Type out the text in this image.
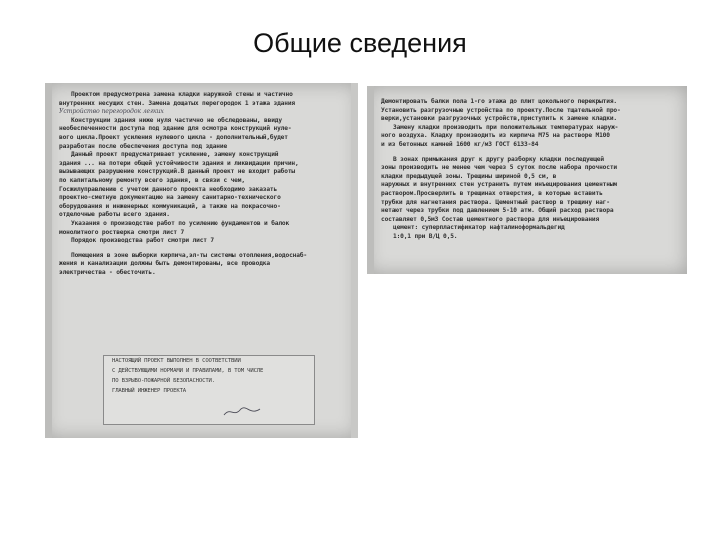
Общие сведения
Проектом предусмотрена замена кладки наружной стены и частично
внутренних несущих стен. Замена дощатых перегородок 1 этажа здания
Устройство перегородок легких
Конструкции здания ниже нуля частично не обследованы, ввиду
необеспеченности доступа под здание для осмотра конструкций нуле-
вого цикла.Проект усиления нулевого цикла - дополнительный,будет
разработан после обеспечения доступа под здание
Данный проект предусматривает усиление, замену конструкций
здания ... на потери общей устойчивости здания и ликвидации причин,
вызывающих разрушение конструкций.В данный проект не входит работы
по капитальному ремонту всего здания, в связи с чем,
Госжилуправлению с учетом данного проекта необходимо заказать
проектно-сметную документацию на замену санитарно-технического
оборудования и инженерных коммуникаций, а также на покрасочно-
отделочные работы всего здания.
Указания о производстве работ по усилению фундаментов и балок
монолитного ростверка смотри лист 7
Порядок производства работ смотри лист 7
Помещения в зоне выборки кирпича,эл-ты системы отопления,водоснаб-
жения и канализации должны быть демонтированы, все проводка
электричества - обесточить.
НАСТОЯЩИЙ ПРОЕКТ ВЫПОЛНЕН В СООТВЕТСТВИИ
С ДЕЙСТВУЮЩИМИ НОРМАМИ И ПРАВИЛАМИ, В ТОМ ЧИСЛЕ
ПО ВЗРЫВО-ПОЖАРНОЙ БЕЗОПАСНОСТИ.
ГЛАВНЫЙ ИНЖЕНЕР ПРОЕКТА
Демонтировать балки пола 1-го этажа до плит цокольного перекрытия.
Установить разгрузочные устройства по проекту.После тщательной про-
верки,установки разгрузочных устройств,приступить к замене кладки.
Замену кладки производить при положительных температурах наруж-
ного воздуха. Кладку производить из кирпича М75 на растворе М100
и из бетонных камней 1600 кг/м3 ГОСТ 6133-84
В зонах примыкания друг к другу разборку кладки последующей
зоны производить не менее чем через 5 суток после набора прочности
кладки предыдущей зоны. Трещины шириной 0,5 см, в
наружных и внутренних стен устранить путем инъецирования цементным
раствором.Просверлить в трещинах отверстия, в которые вставить
трубки для нагнетания раствора. Цементный раствор в трещину наг-
нетают через трубки под давлением 5-10 атм. Общий расход раствора
составляет 0,5м3 Состав цементного раствора для инъецирования
цемент: суперпластификатор нафталиноформальдегид
1:0,1 при В/Ц 0,5.
